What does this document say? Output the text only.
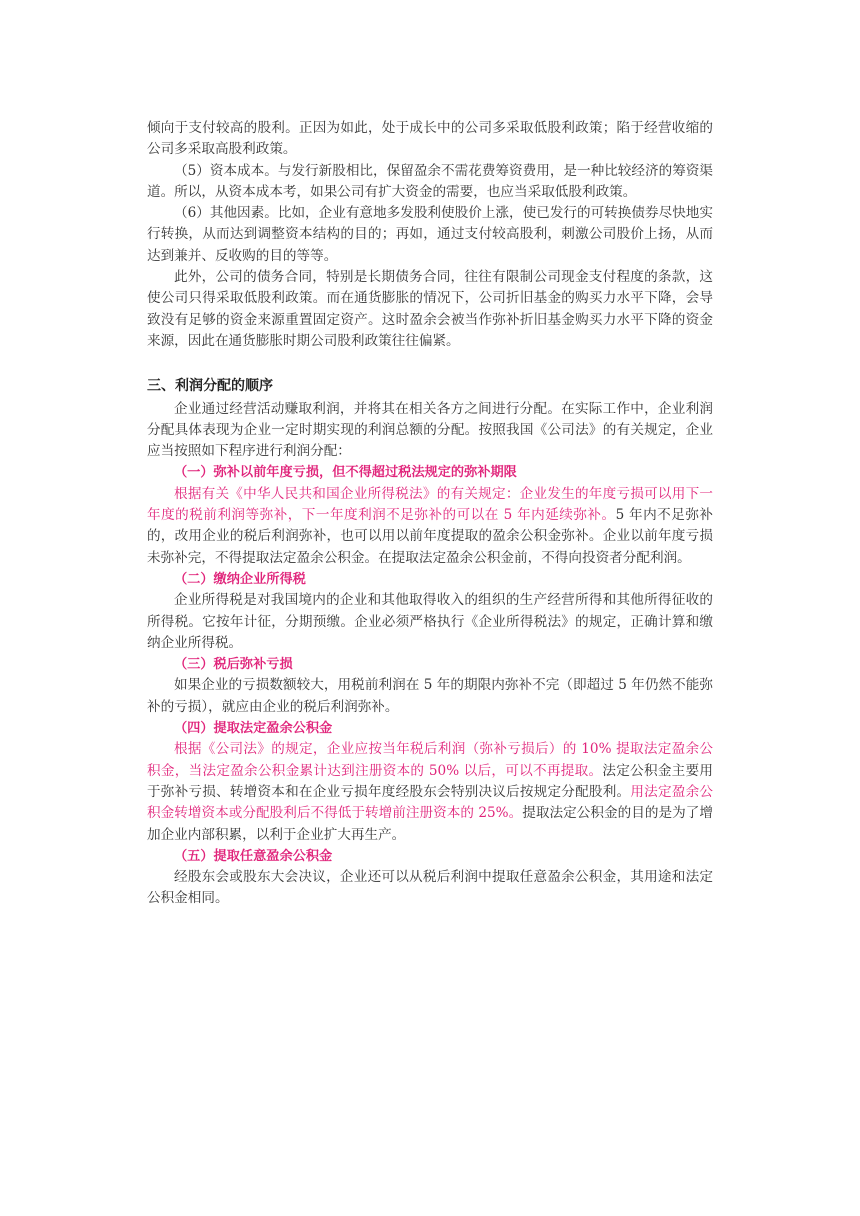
倾向于支付较高的股利。正因为如此，处于成长中的公司多采取低股利政策；陷于经营收缩的公司多采取高股利政策。

（5）资本成本。与发行新股相比，保留盈余不需花费筹资费用，是一种比较经济的筹资渠道。所以，从资本成本考，如果公司有扩大资金的需要，也应当采取低股利政策。

（6）其他因素。比如，企业有意地多发股利使股价上涨，使已发行的可转换债券尽快地实行转换，从而达到调整资本结构的目的；再如，通过支付较高股利，刺激公司股价上扬，从而达到兼并、反收购的目的等等。

此外，公司的债务合同，特别是长期债务合同，往往有限制公司现金支付程度的条款，这使公司只得采取低股利政策。而在通货膨胀的情况下，公司折旧基金的购买力水平下降，会导致没有足够的资金来源重置固定资产。这时盈余会被当作弥补折旧基金购买力水平下降的资金来源，因此在通货膨胀时期公司股利政策往往偏紧。

三、利润分配的顺序

企业通过经营活动赚取利润，并将其在相关各方之间进行分配。在实际工作中，企业利润分配具体表现为企业一定时期实现的利润总额的分配。按照我国《公司法》的有关规定，企业应当按照如下程序进行利润分配：

（一）弥补以前年度亏损，但不得超过税法规定的弥补期限

根据有关《中华人民共和国企业所得税法》的有关规定：企业发生的年度亏损可以用下一年度的税前利润等弥补，下一年度利润不足弥补的可以在 5 年内延续弥补。5 年内不足弥补的，改用企业的税后利润弥补，也可以用以前年度提取的盈余公积金弥补。企业以前年度亏损未弥补完，不得提取法定盈余公积金。在提取法定盈余公积金前，不得向投资者分配利润。

（二）缴纳企业所得税

企业所得税是对我国境内的企业和其他取得收入的组织的生产经营所得和其他所得征收的所得税。它按年计征，分期预缴。企业必须严格执行《企业所得税法》的规定，正确计算和缴纳企业所得税。

（三）税后弥补亏损

如果企业的亏损数额较大，用税前利润在 5 年的期限内弥补不完（即超过 5 年仍然不能弥补的亏损），就应由企业的税后利润弥补。

（四）提取法定盈余公积金

根据《公司法》的规定，企业应按当年税后利润（弥补亏损后）的 10% 提取法定盈余公积金，当法定盈余公积金累计达到注册资本的 50% 以后，可以不再提取。法定公积金主要用于弥补亏损、转增资本和在企业亏损年度经股东会特别决议后按规定分配股利。用法定盈余公积金转增资本或分配股利后不得低于转增前注册资本的 25%。提取法定公积金的目的是为了增加企业内部积累，以利于企业扩大再生产。

（五）提取任意盈余公积金

经股东会或股东大会决议，企业还可以从税后利润中提取任意盈余公积金，其用途和法定公积金相同。
